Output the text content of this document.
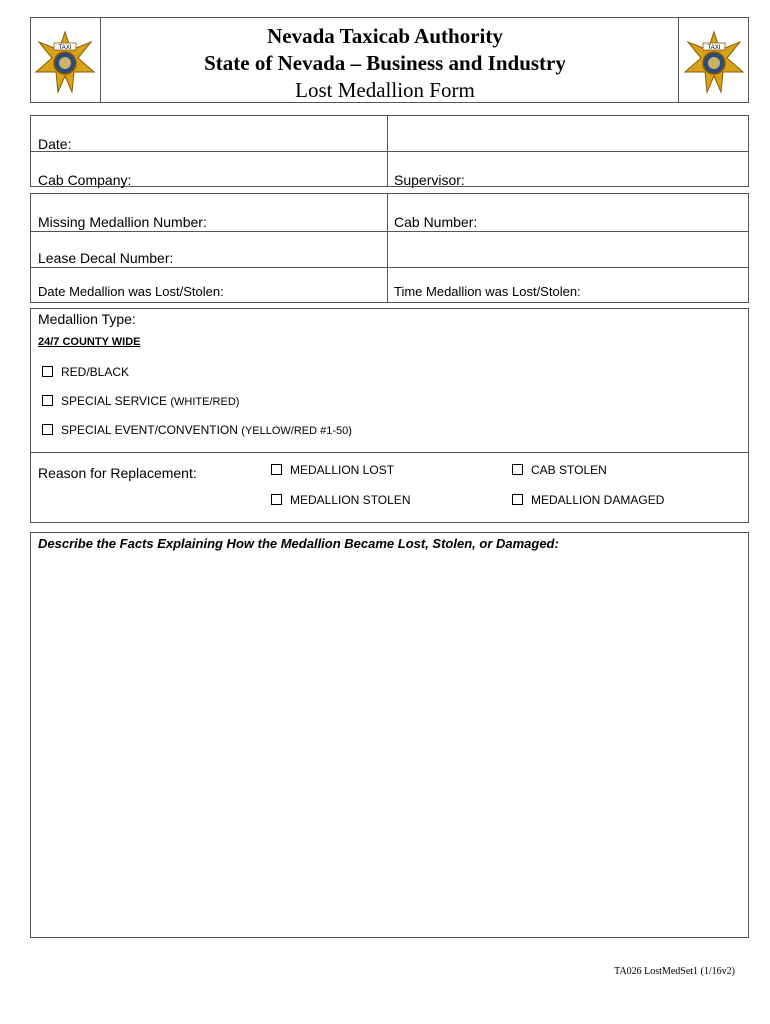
TAXI	TAXI
Nevada Taxicab Authority
State of Nevada – Business and Industry
Lost Medallion Form
Date:
Cab Company:	Supervisor:
Missing Medallion Number:	Cab Number:
Lease Decal Number:
Date Medallion was Lost/Stolen:	Time Medallion was Lost/Stolen:
Medallion Type:
24/7 COUNTY WIDE
RED/BLACK
SPECIAL SERVICE (WHITE/RED)
SPECIAL EVENT/CONVENTION (YELLOW/RED #1-50)
Reason for Replacement:	MEDALLION LOST	CAB STOLEN
MEDALLION STOLEN	MEDALLION DAMAGED
Describe the Facts Explaining How the Medallion Became Lost, Stolen, or Damaged:
TA026 LostMedSet1 (1/16v2)
